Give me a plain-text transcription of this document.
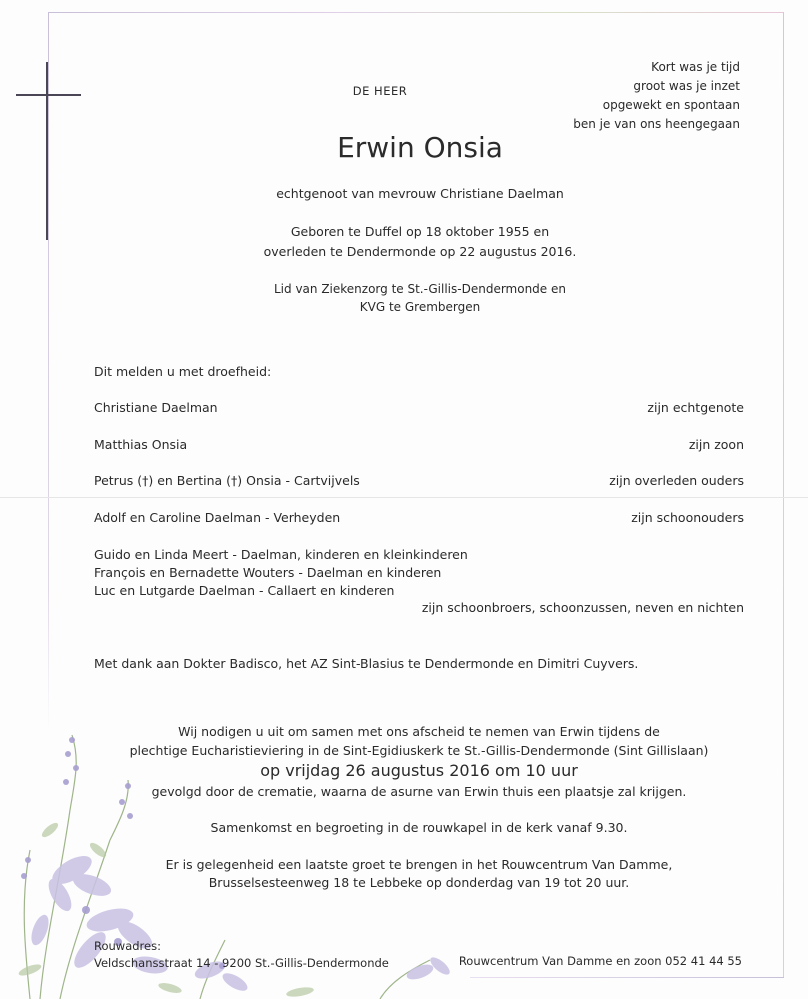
Kort was je tijd
groot was je inzet
opgewekt en spontaan
ben je van ons heengegaan
DE HEER
Erwin Onsia
echtgenoot van mevrouw Christiane Daelman
Geboren te Duffel op 18 oktober 1955 en
overleden te Dendermonde op 22 augustus 2016.
Lid van Ziekenzorg te St.-Gillis-Dendermonde en
KVG te Grembergen
Dit melden u met droefheid:
Christiane Daelman	zijn echtgenote
Matthias Onsia	zijn zoon
Petrus (†) en Bertina (†) Onsia - Cartvijvels	zijn overleden ouders
Adolf en Caroline Daelman - Verheyden	zijn schoonouders
Guido en Linda Meert - Daelman, kinderen en kleinkinderen
François en Bernadette Wouters - Daelman en kinderen
Luc en Lutgarde Daelman - Callaert en kinderen
zijn schoonbroers, schoonzussen, neven en nichten
Met dank aan Dokter Badisco, het AZ Sint-Blasius te Dendermonde en Dimitri Cuyvers.
Wij nodigen u uit om samen met ons afscheid te nemen van Erwin tijdens de
plechtige Eucharistieviering in de Sint-Egidiuskerk te St.-Gillis-Dendermonde (Sint Gillislaan)
op vrijdag 26 augustus 2016 om 10 uur
gevolgd door de crematie, waarna de asurne van Erwin thuis een plaatsje zal krijgen.
Samenkomst en begroeting in de rouwkapel in de kerk vanaf 9.30.
Er is gelegenheid een laatste groet te brengen in het Rouwcentrum Van Damme,
Brusselsesteenweg 18 te Lebbeke op donderdag van 19 tot 20 uur.
Rouwadres:
Veldschansstraat 14 - 9200 St.-Gillis-Dendermonde	Rouwcentrum Van Damme en zoon 052 41 44 55
